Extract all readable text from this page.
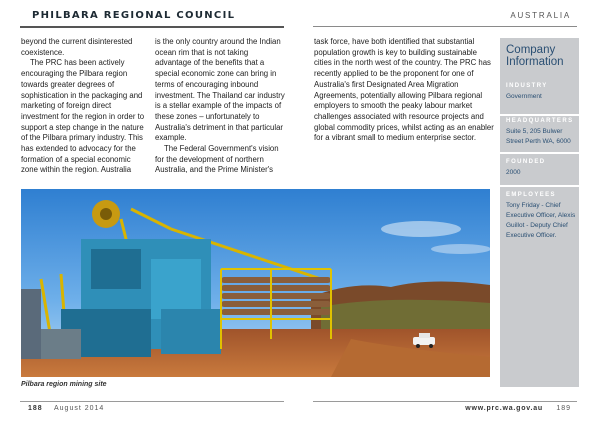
PHILBARA REGIONAL COUNCIL	AUSTRALIA

beyond the current disinterested coexistence.

The PRC has been actively encouraging the Pilbara region towards greater degrees of sophistication in the packaging and marketing of foreign direct investment for the region in order to support a step change in the nature of the Pilbara primary industry. This has extended to advocacy for the formation of a special economic zone within the region. Australia

is the only country around the Indian ocean rim that is not taking advantage of the benefits that a special economic zone can bring in terms of encouraging inbound investment. The Thailand car industry is a stellar example of the impacts of these zones – unfortunately to Australia's detriment in that particular example.

The Federal Government's vision for the development of northern Australia, and the Prime Minister's

task force, have both identified that substantial population growth is key to building sustainable cities in the north west of the country. The PRC has recently applied to be the proponent for one of Australia's first Designated Area Migration Agreements, potentially allowing Pilbara regional employers to smooth the peaky labour market challenges associated with resource projects and global commodity prices, whilst acting as an enabler for a vibrant small to medium enterprise sector.

Company Information
INDUSTRY
Government
HEADQUARTERS
Suite 5, 205 Bulwer Street Perth WA, 6000
FOUNDED
2000
EMPLOYEES
Tony Friday - Chief Executive Officer, Alexis Guillot - Deputy Chief Executive Officer.
Pilbara region mining site
188 August 2014	www.prc.wa.gov.au 189
